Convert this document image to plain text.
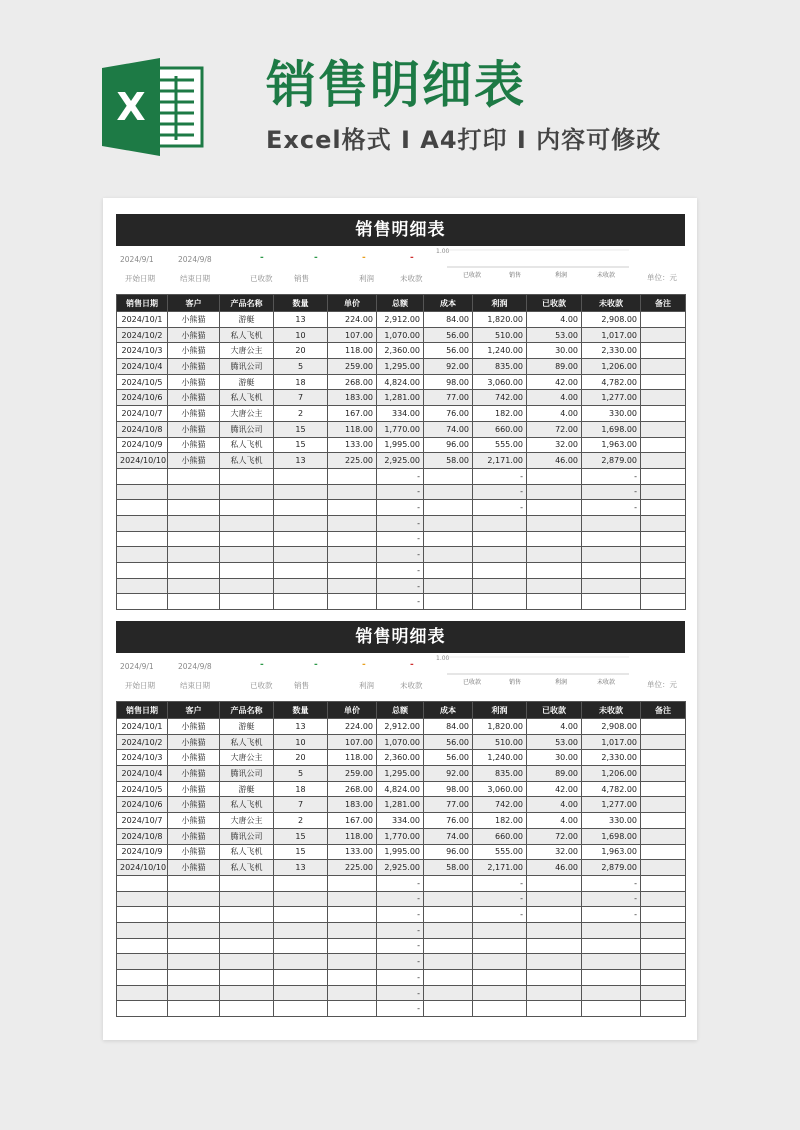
X 销售明细表
Excel格式 I A4打印 I 内容可修改
销售明细表
2024/9/1	2024/9/8	-	-	-	-
开始日期	结束日期	已收款	销售	利润	未收款
1.00
已收款	销售	利润	未收款	单位：元
销售日期	客户	产品名称	数量	单价	总额	成本	利润	已收款	未收款	备注
2024/10/1	小熊猫	游艇	13	224.00	2,912.00	84.00	1,820.00	4.00	2,908.00	
2024/10/2	小熊猫	私人飞机	10	107.00	1,070.00	56.00	510.00	53.00	1,017.00	
2024/10/3	小熊猫	大唐公主	20	118.00	2,360.00	56.00	1,240.00	30.00	2,330.00	
2024/10/4	小熊猫	腾讯公司	5	259.00	1,295.00	92.00	835.00	89.00	1,206.00	
2024/10/5	小熊猫	游艇	18	268.00	4,824.00	98.00	3,060.00	42.00	4,782.00	
2024/10/6	小熊猫	私人飞机	7	183.00	1,281.00	77.00	742.00	4.00	1,277.00	
2024/10/7	小熊猫	大唐公主	2	167.00	334.00	76.00	182.00	4.00	330.00	
2024/10/8	小熊猫	腾讯公司	15	118.00	1,770.00	74.00	660.00	72.00	1,698.00	
2024/10/9	小熊猫	私人飞机	15	133.00	1,995.00	96.00	555.00	32.00	1,963.00	
2024/10/10	小熊猫	私人飞机	13	225.00	2,925.00	58.00	2,171.00	46.00	2,879.00	
					-		-		-	
					-		-		-	
					-		-		-	
					-					
					-					
					-					
					-					
					-					
					-					
销售明细表
2024/9/1	2024/9/8	-	-	-	-
开始日期	结束日期	已收款	销售	利润	未收款
1.00
已收款	销售	利润	未收款	单位：元
销售日期	客户	产品名称	数量	单价	总额	成本	利润	已收款	未收款	备注
2024/10/1	小熊猫	游艇	13	224.00	2,912.00	84.00	1,820.00	4.00	2,908.00	
2024/10/2	小熊猫	私人飞机	10	107.00	1,070.00	56.00	510.00	53.00	1,017.00	
2024/10/3	小熊猫	大唐公主	20	118.00	2,360.00	56.00	1,240.00	30.00	2,330.00	
2024/10/4	小熊猫	腾讯公司	5	259.00	1,295.00	92.00	835.00	89.00	1,206.00	
2024/10/5	小熊猫	游艇	18	268.00	4,824.00	98.00	3,060.00	42.00	4,782.00	
2024/10/6	小熊猫	私人飞机	7	183.00	1,281.00	77.00	742.00	4.00	1,277.00	
2024/10/7	小熊猫	大唐公主	2	167.00	334.00	76.00	182.00	4.00	330.00	
2024/10/8	小熊猫	腾讯公司	15	118.00	1,770.00	74.00	660.00	72.00	1,698.00	
2024/10/9	小熊猫	私人飞机	15	133.00	1,995.00	96.00	555.00	32.00	1,963.00	
2024/10/10	小熊猫	私人飞机	13	225.00	2,925.00	58.00	2,171.00	46.00	2,879.00	
					-		-		-	
					-		-		-	
					-		-		-	
					-					
					-					
					-					
					-					
					-					
					-					
